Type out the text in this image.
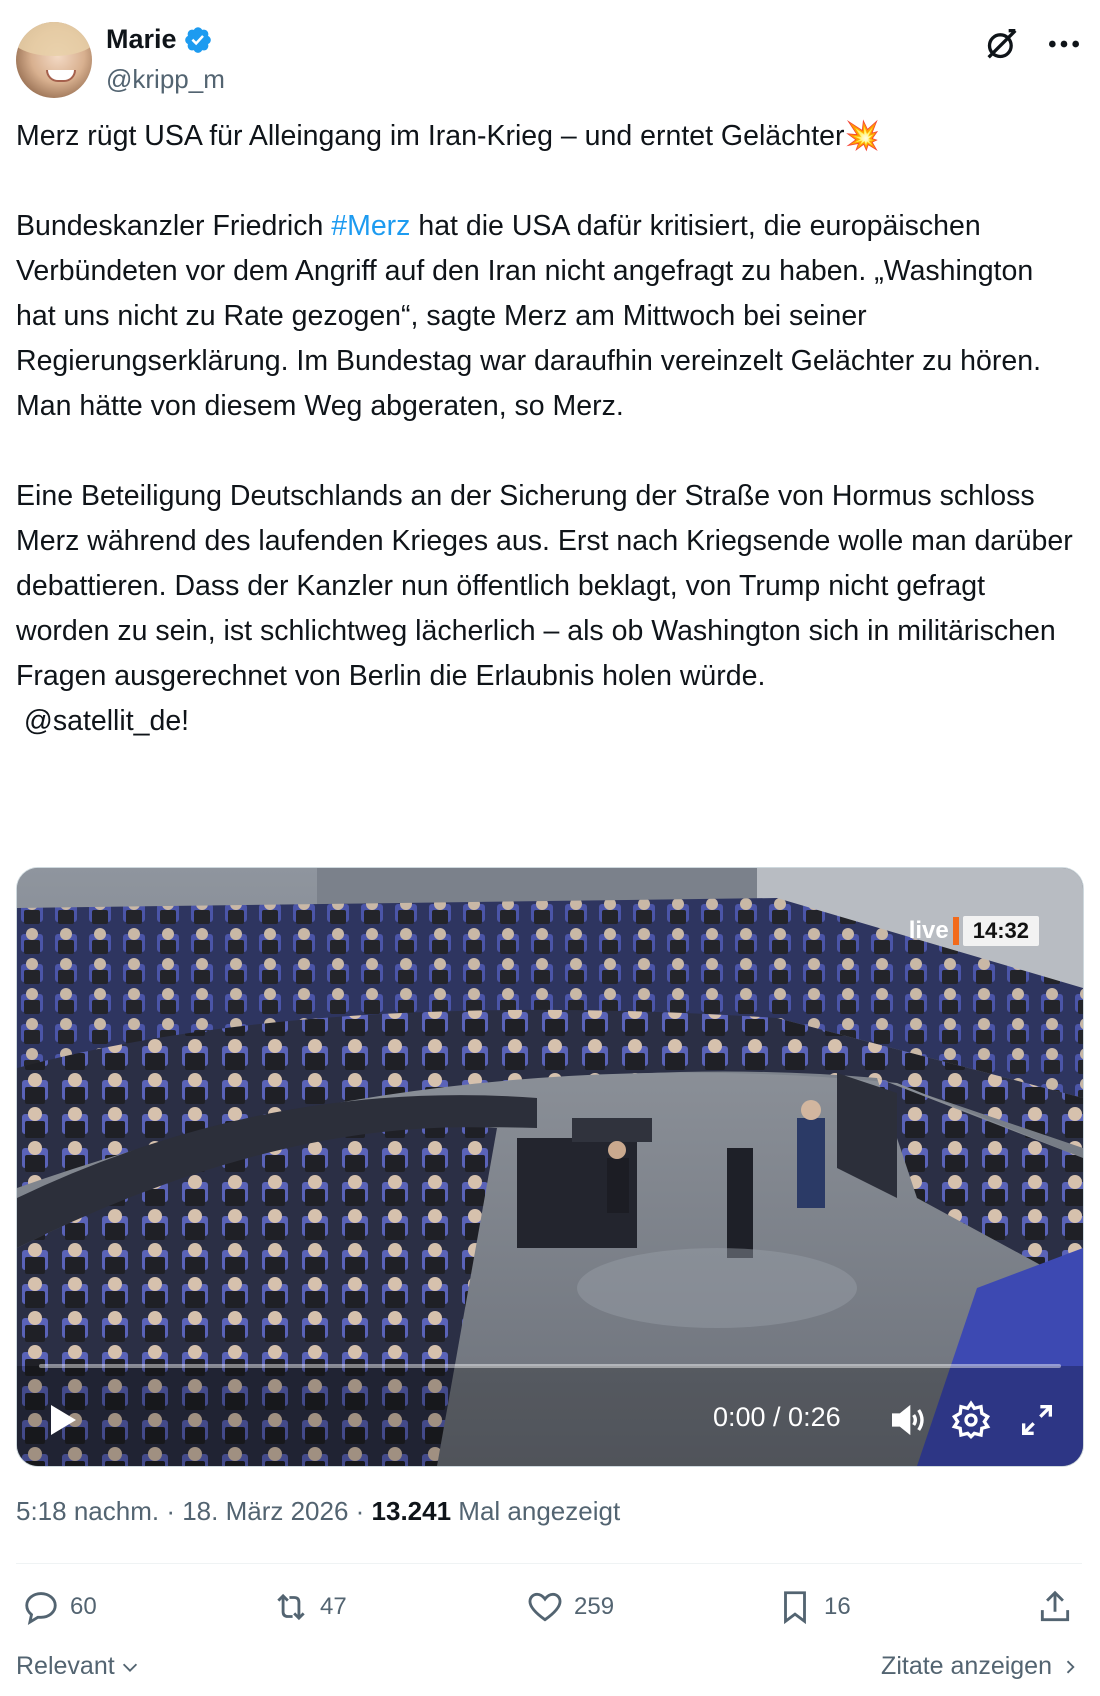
Marie
@kripp_m

Merz rügt USA für Alleingang im Iran-Krieg – und erntet Gelächter💥

Bundeskanzler Friedrich #Merz hat die USA dafür kritisiert, die europäischen Verbündeten vor dem Angriff auf den Iran nicht angefragt zu haben. „Washington hat uns nicht zu Rate gezogen“, sagte Merz am Mittwoch bei seiner Regierungserklärung. Im Bundestag war daraufhin vereinzelt Gelächter zu hören. Man hätte von diesem Weg abgeraten, so Merz.

Eine Beteiligung Deutschlands an der Sicherung der Straße von Hormus schloss Merz während des laufenden Krieges aus. Erst nach Kriegsende wolle man darüber debattieren. Dass der Kanzler nun öffentlich beklagt, von Trump nicht gefragt worden zu sein, ist schlichtweg lächerlich – als ob Washington sich in militärischen Fragen ausgerechnet von Berlin die Erlaubnis holen würde.
@satellit_de!

live	14:32
0:00 / 0:26
5:18 nachm. · 18. März 2026 · 13.241 Mal angezeigt
60	47	259	16
Relevant	Zitate anzeigen
